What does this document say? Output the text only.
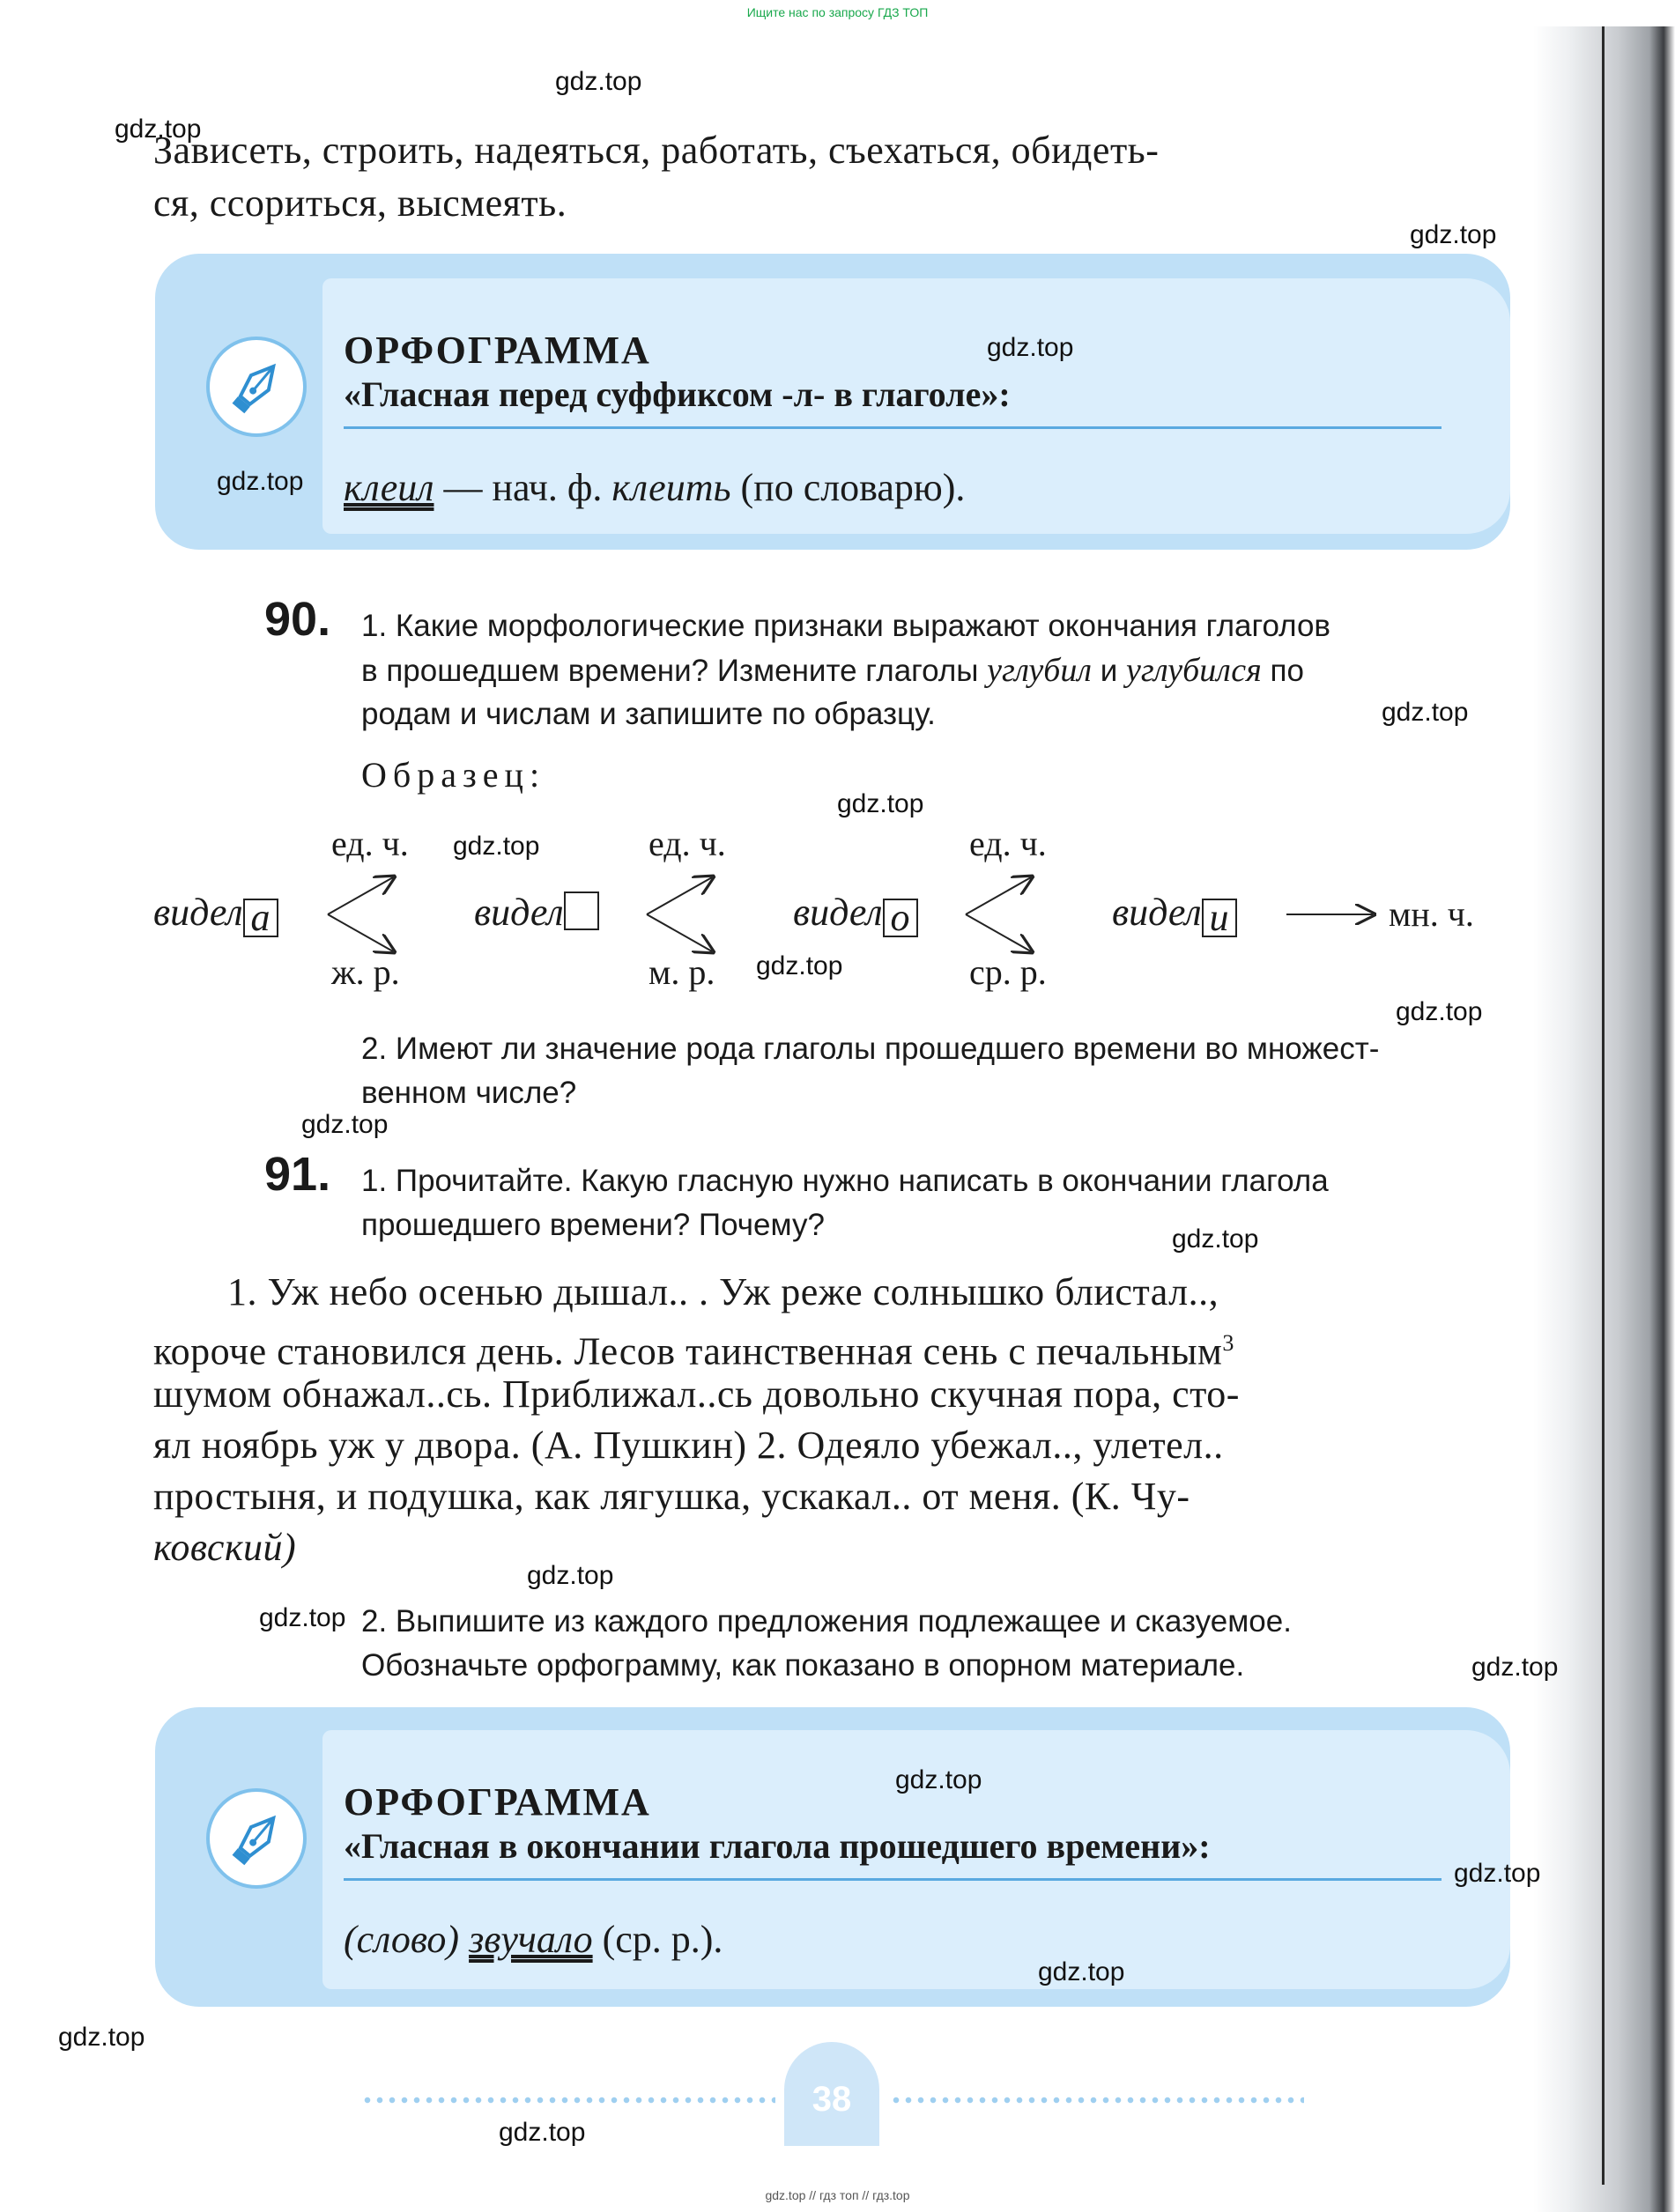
Ищите нас по запросу ГДЗ ТОП
Зависеть, строить, надеяться, работать, съехаться, обидеть-
ся, ссориться, высмеять.
ОРФОГРАММА
«Гласная перед суффиксом -л- в глаголе»:
клеил — нач. ф. клеить (по словарю).
90. 1. Какие морфологические признаки выражают окончания глаголов
в прошедшем времени? Измените глаголы углубил и углубился по
родам и числам и запишите по образцу.
Образец:
ед. ч.	ед. ч.	ед. ч.
видел а	видел	видел о	видел и	мн. ч.
ж. р.	м. р.	ср. р.
2. Имеют ли значение рода глаголы прошедшего времени во множест-
венном числе?
91. 1. Прочитайте. Какую гласную нужно написать в окончании глагола
прошедшего времени? Почему?
1. Уж небо осенью дышал.. . Уж реже солнышко блистал..,
короче становился день. Лесов таинственная сень с печальным$^3$
шумом обнажал..сь. Приближал..сь довольно скучная пора, сто-
ял ноябрь уж у двора. (А. Пушкин) 2. Одеяло убежал.., улетел..
простыня, и подушка, как лягушка, ускакал.. от меня. (К. Чу-
ковский)
2. Выпишите из каждого предложения подлежащее и сказуемое.
Обозначьте орфограмму, как показано в опорном материале.
ОРФОГРАММА
«Гласная в окончании глагола прошедшего времени»:
(слово) звучало (ср. р.).
38
gdz.top
gdz.top
gdz.top
gdz.top
gdz.top
gdz.top
gdz.top
gdz.top
gdz.top
gdz.top
gdz.top
gdz.top
gdz.top
gdz.top
gdz.top
gdz.top
gdz.top
gdz.top
gdz.top
gdz.top
gdz.top // гдз топ // гдз.top
